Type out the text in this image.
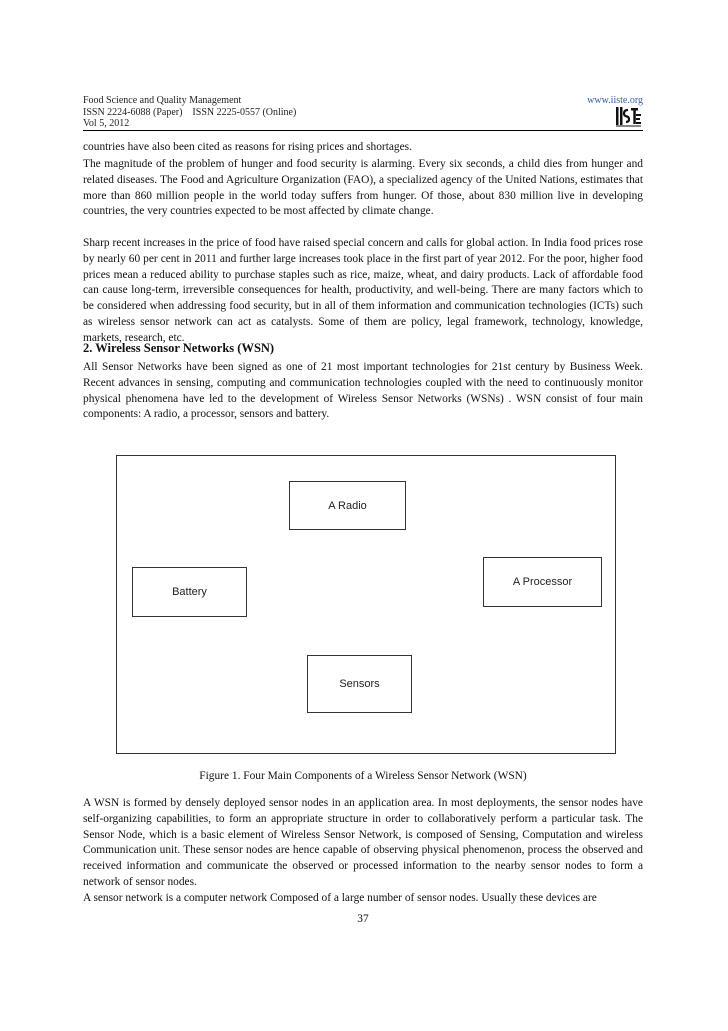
Food Science and Quality Management
ISSN 2224-6088 (Paper)    ISSN 2225-0557 (Online)
Vol 5, 2012
www.iiste.org

countries have also been cited as reasons for rising prices and shortages.

The magnitude of the problem of hunger and food security is alarming. Every six seconds, a child dies from hunger and related diseases. The Food and Agriculture Organization (FAO), a specialized agency of the United Nations, estimates that more than 860 million people in the world today suffers from hunger. Of those, about 830 million live in developing countries, the very countries expected to be most affected by climate change.

Sharp recent increases in the price of food have raised special concern and calls for global action. In India food prices rose by nearly 60 per cent in 2011 and further large increases took place in the first part of year 2012. For the poor, higher food prices mean a reduced ability to purchase staples such as rice, maize, wheat, and dairy products. Lack of affordable food can cause long-term, irreversible consequences for health, productivity, and well-being. There are many factors which to be considered when addressing food security, but in all of them information and communication technologies (ICTs) such as wireless sensor network can act as catalysts. Some of them are policy, legal framework, technology, knowledge, markets, research, etc.

2. Wireless Sensor Networks (WSN)

All Sensor Networks have been signed as one of 21 most important technologies for 21st century by Business Week. Recent advances in sensing, computing and communication technologies coupled with the need to continuously monitor physical phenomena have led to the development of Wireless Sensor Networks (WSNs) . WSN consist of four main components: A radio, a processor, sensors and battery.

A Radio
Battery
A Processor
Sensors

Figure 1. Four Main Components of a Wireless Sensor Network (WSN)

A WSN is formed by densely deployed sensor nodes in an application area. In most deployments, the sensor nodes have self-organizing capabilities, to form an appropriate structure in order to collaboratively perform a particular task. The Sensor Node, which is a basic element of Wireless Sensor Network, is composed of Sensing, Computation and wireless Communication unit. These sensor nodes are hence capable of observing physical phenomenon, process the observed and received information and communicate the observed or processed information to the nearby sensor nodes to form a network of sensor nodes.

A sensor network is a computer network Composed of a large number of sensor nodes. Usually these devices are

37
